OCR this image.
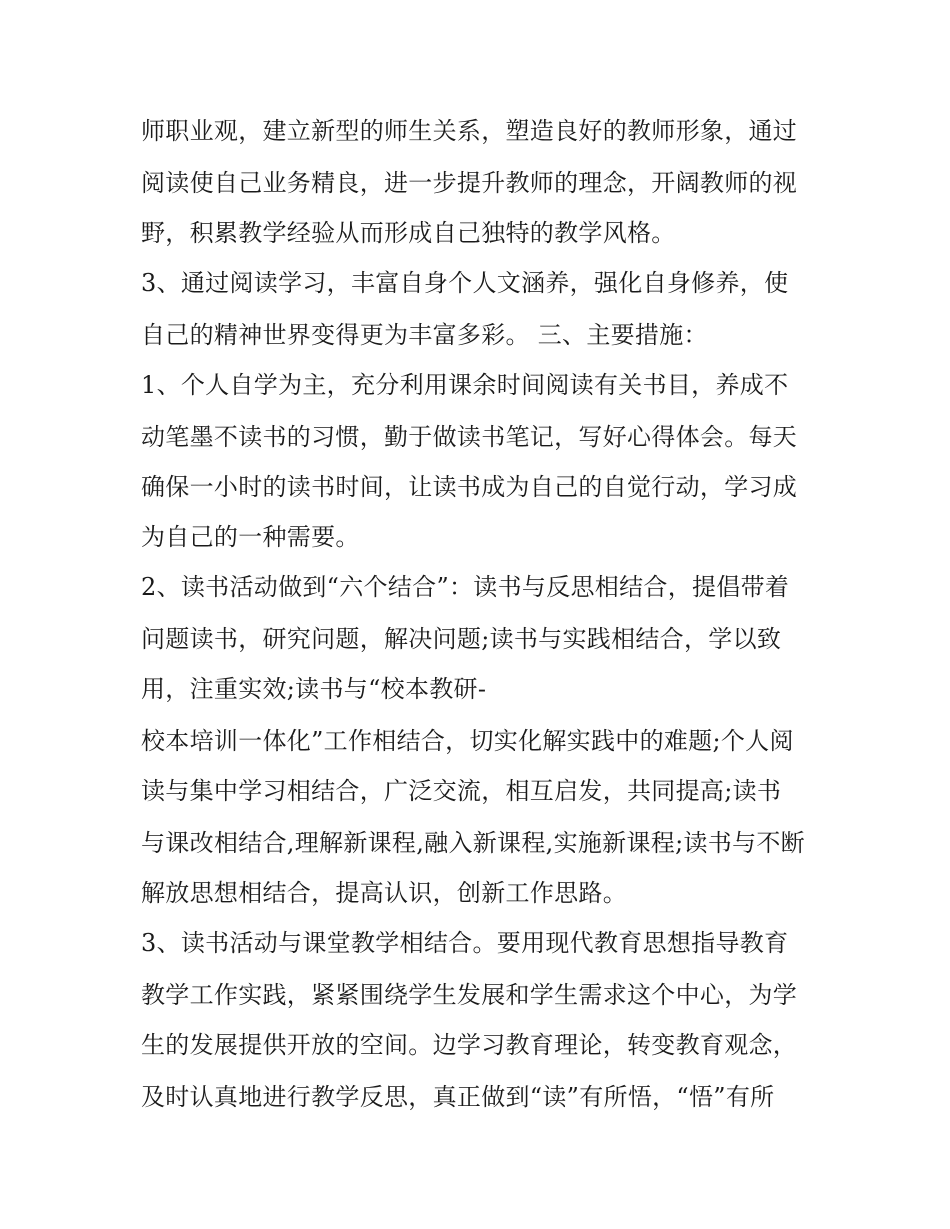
师职业观，建立新型的师生关系，塑造良好的教师形象，通过
阅读使自己业务精良，进一步提升教师的理念，开阔教师的视
野，积累教学经验从而形成自己独特的教学风格。
3、通过阅读学习，丰富自身个人文涵养，强化自身修养，使
自己的精神世界变得更为丰富多彩。 三、主要措施：
1、个人自学为主，充分利用课余时间阅读有关书目，养成不
动笔墨不读书的习惯，勤于做读书笔记，写好心得体会。每天
确保一小时的读书时间，让读书成为自己的自觉行动，学习成
为自己的一种需要。
2、读书活动做到“六个结合”：读书与反思相结合，提倡带着
问题读书，研究问题，解决问题;读书与实践相结合，学以致
用，注重实效;读书与“校本教研-
校本培训一体化”工作相结合，切实化解实践中的难题;个人阅
读与集中学习相结合，广泛交流，相互启发，共同提高;读书
与课改相结合,理解新课程,融入新课程,实施新课程;读书与不断
解放思想相结合，提高认识，创新工作思路。
3、读书活动与课堂教学相结合。要用现代教育思想指导教育
教学工作实践，紧紧围绕学生发展和学生需求这个中心，为学
生的发展提供开放的空间。边学习教育理论，转变教育观念，
及时认真地进行教学反思，真正做到“读”有所悟，“悟”有所
